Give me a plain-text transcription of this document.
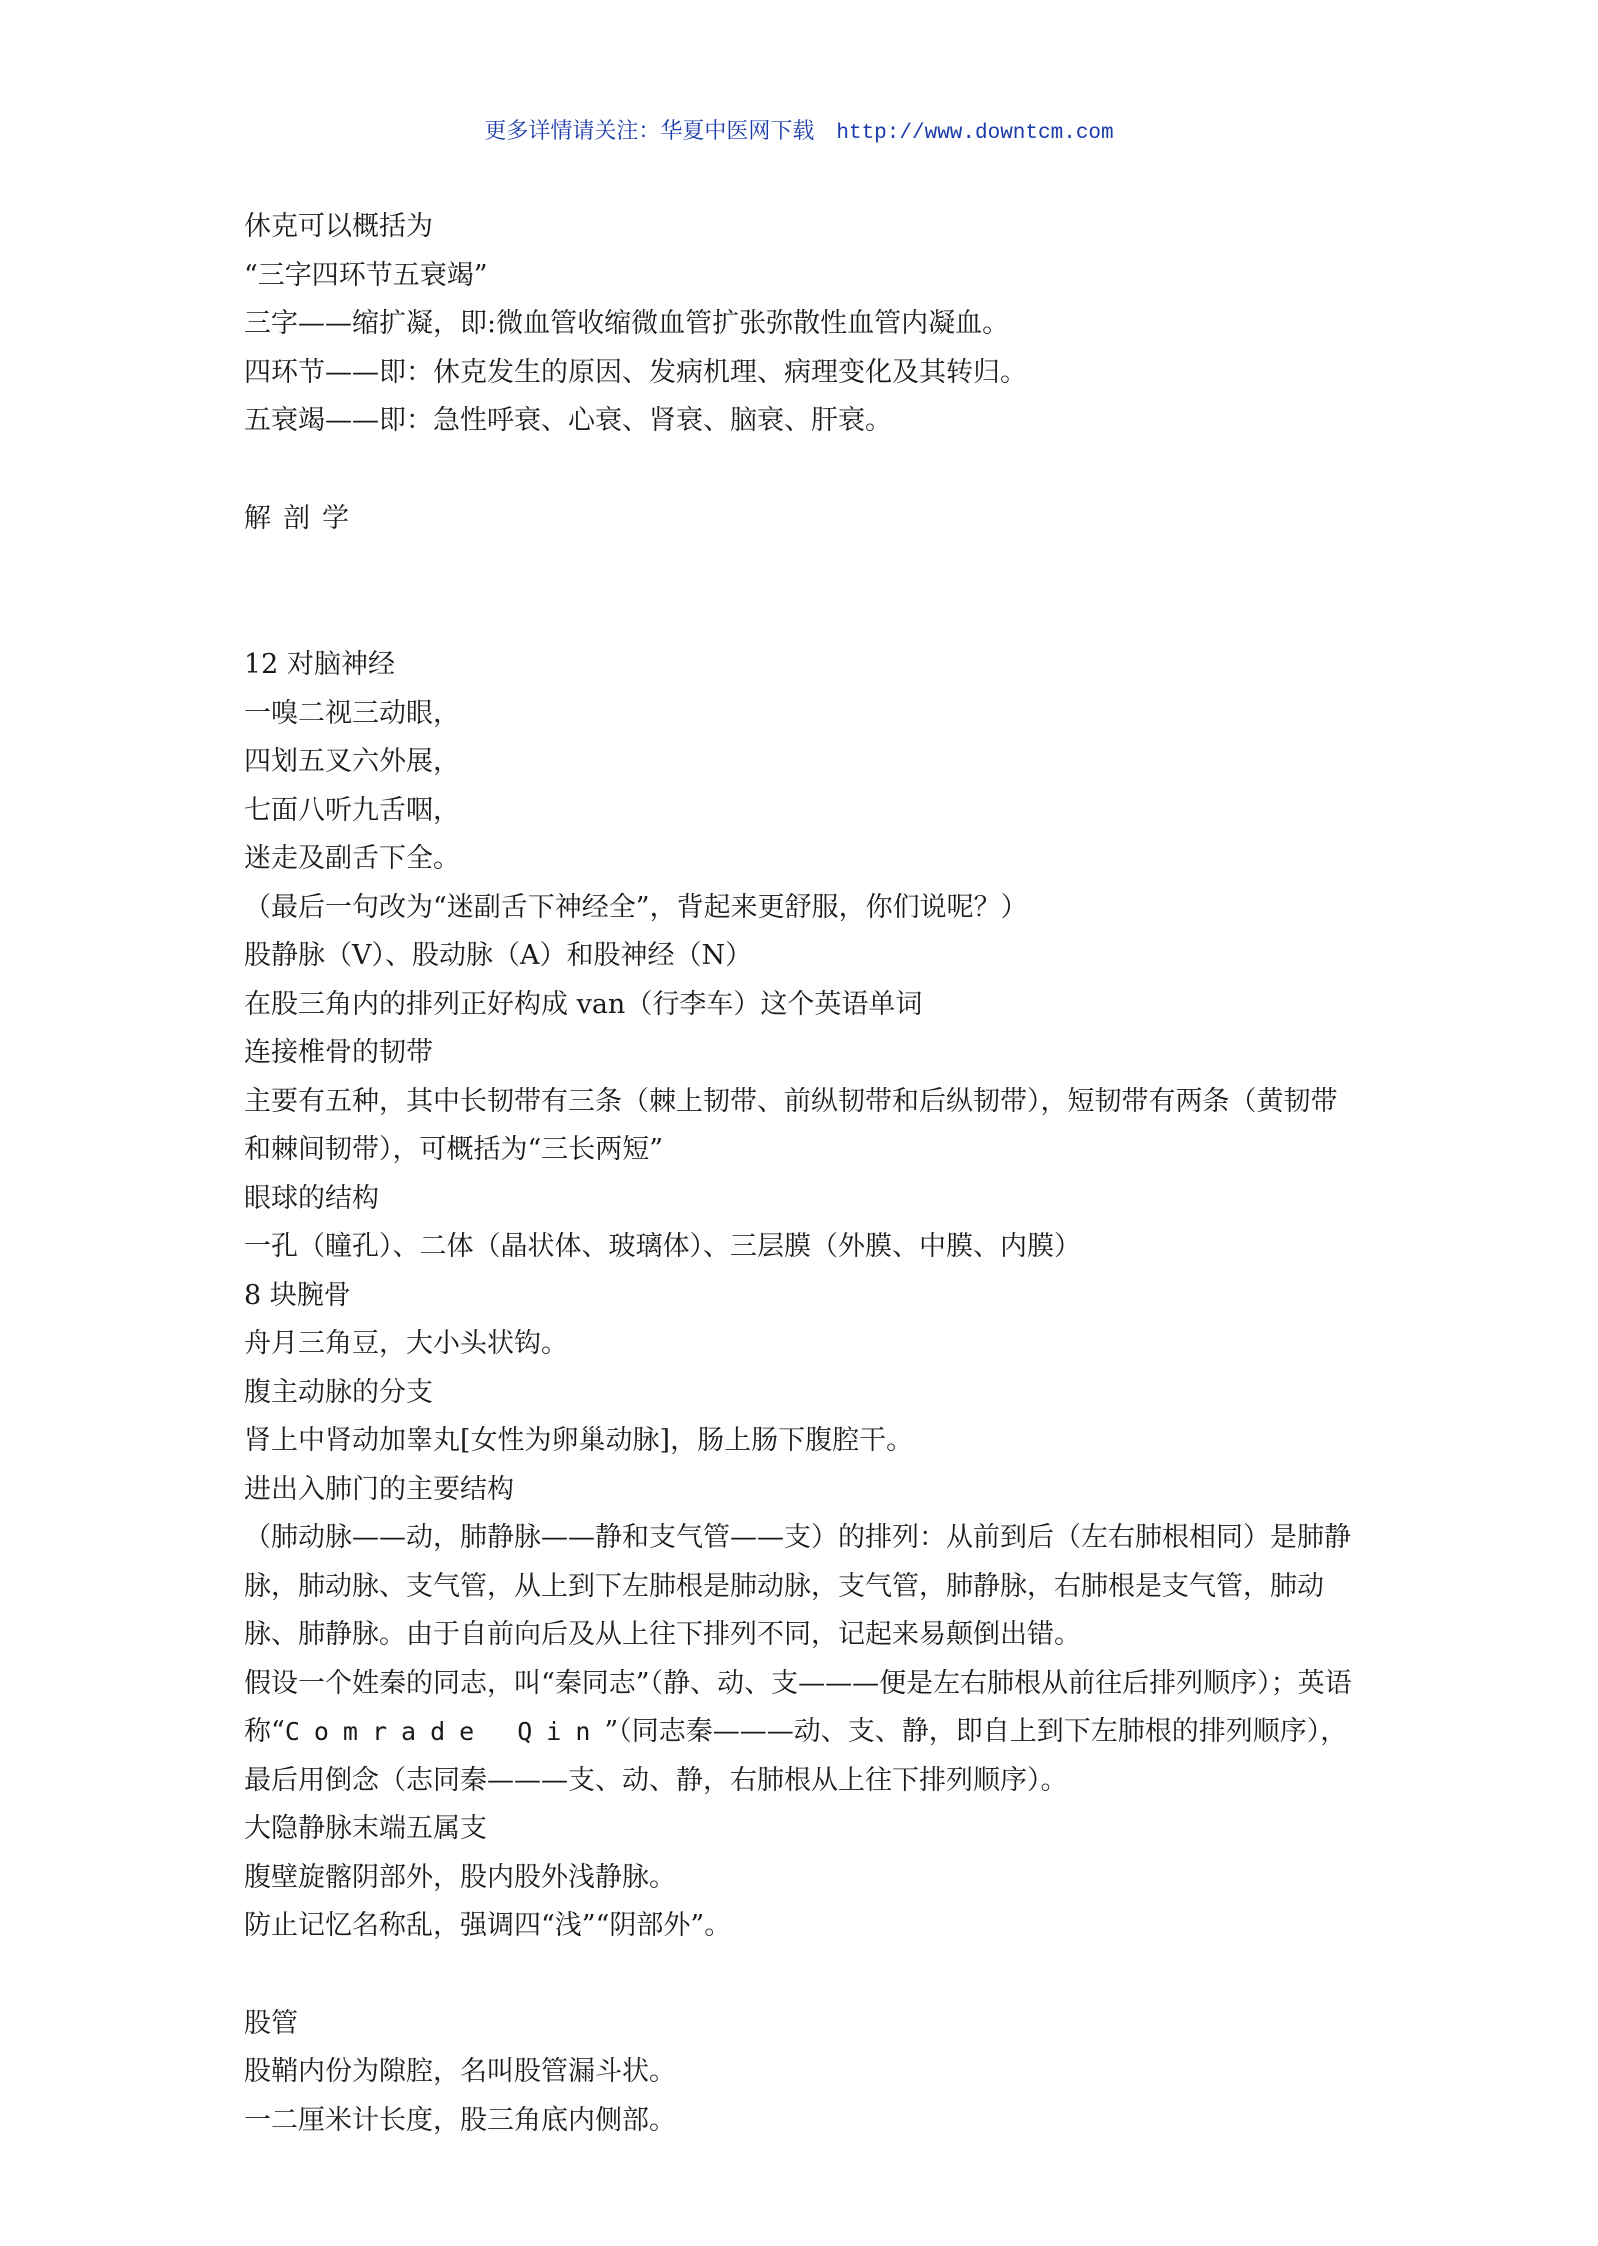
更多详情请关注：华夏中医网下载 http://www.downtcm.com
休克可以概括为
“三字四环节五衰竭”
三字——缩扩凝，即:微血管收缩微血管扩张弥散性血管内凝血。
四环节——即：休克发生的原因、发病机理、病理变化及其转归。
五衰竭——即：急性呼衰、心衰、肾衰、脑衰、肝衰。
解剖学
12 对脑神经
一嗅二视三动眼，
四划五叉六外展，
七面八听九舌咽，
迷走及副舌下全。
（最后一句改为“迷副舌下神经全”，背起来更舒服，你们说呢？）
股静脉（V）、股动脉（A）和股神经（N）
在股三角内的排列正好构成 van（行李车）这个英语单词
连接椎骨的韧带
主要有五种，其中长韧带有三条（棘上韧带、前纵韧带和后纵韧带），短韧带有两条（黄韧带和棘间韧带），可概括为“三长两短”
眼球的结构
一孔（瞳孔）、二体（晶状体、玻璃体）、三层膜（外膜、中膜、内膜）
8 块腕骨
舟月三角豆，大小头状钩。
腹主动脉的分支
肾上中肾动加睾丸[女性为卵巢动脉]，肠上肠下腹腔干。
进出入肺门的主要结构
（肺动脉——动，肺静脉——静和支气管——支）的排列：从前到后（左右肺根相同）是肺静脉，肺动脉、支气管，从上到下左肺根是肺动脉，支气管，肺静脉，右肺根是支气管，肺动脉、肺静脉。由于自前向后及从上往下排列不同，记起来易颠倒出错。
假设一个姓秦的同志，叫“秦同志”（静、动、支———便是左右肺根从前往后排列顺序）；英语称“Comrade Qin”（同志秦———动、支、静，即自上到下左肺根的排列顺序），最后用倒念（志同秦———支、动、静，右肺根从上往下排列顺序）。
大隐静脉末端五属支
腹壁旋髂阴部外，股内股外浅静脉。
防止记忆名称乱，强调四“浅”“阴部外”。
股管
股鞘内份为隙腔，名叫股管漏斗状。
一二厘米计长度，股三角底内侧部。
